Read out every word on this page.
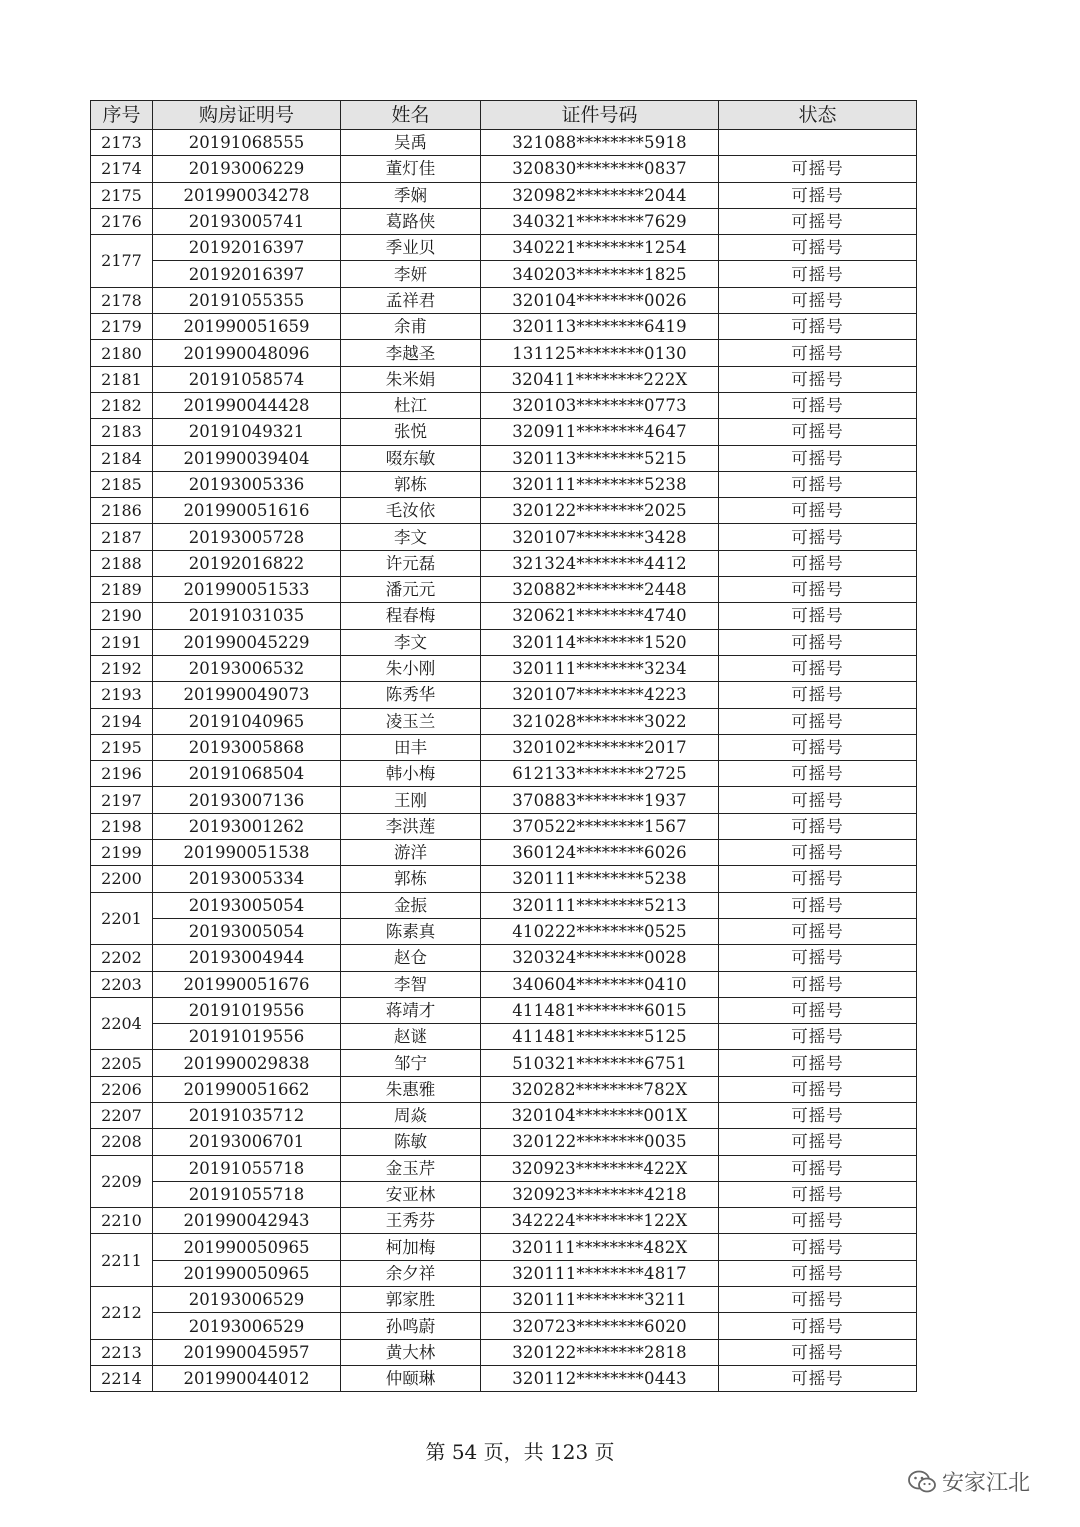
序号	购房证明号	姓名	证件号码	状态
2173	20191068555	吴禹	321088********5918	
2174	20193006229	董灯佳	320830********0837	可摇号
2175	201990034278	季娴	320982********2044	可摇号
2176	20193005741	葛路侠	340321********7629	可摇号
2177	20192016397	季业贝	340221********1254	可摇号
	20192016397	李妍	340203********1825	可摇号
2178	20191055355	孟祥君	320104********0026	可摇号
2179	201990051659	余甫	320113********6419	可摇号
2180	201990048096	李越圣	131125********0130	可摇号
2181	20191058574	朱米娟	320411********222X	可摇号
2182	201990044428	杜江	320103********0773	可摇号
2183	20191049321	张悦	320911********4647	可摇号
2184	201990039404	啜东敏	320113********5215	可摇号
2185	20193005336	郭栋	320111********5238	可摇号
2186	201990051616	毛汝依	320122********2025	可摇号
2187	20193005728	李文	320107********3428	可摇号
2188	20192016822	许元磊	321324********4412	可摇号
2189	201990051533	潘元元	320882********2448	可摇号
2190	20191031035	程春梅	320621********4740	可摇号
2191	201990045229	李文	320114********1520	可摇号
2192	20193006532	朱小刚	320111********3234	可摇号
2193	201990049073	陈秀华	320107********4223	可摇号
2194	20191040965	凌玉兰	321028********3022	可摇号
2195	20193005868	田丰	320102********2017	可摇号
2196	20191068504	韩小梅	612133********2725	可摇号
2197	20193007136	王刚	370883********1937	可摇号
2198	20193001262	李洪莲	370522********1567	可摇号
2199	201990051538	游洋	360124********6026	可摇号
2200	20193005334	郭栋	320111********5238	可摇号
2201	20193005054	金振	320111********5213	可摇号
	20193005054	陈素真	410222********0525	可摇号
2202	20193004944	赵仓	320324********0028	可摇号
2203	201990051676	李智	340604********0410	可摇号
2204	20191019556	蒋靖才	411481********6015	可摇号
	20191019556	赵谜	411481********5125	可摇号
2205	201990029838	邹宁	510321********6751	可摇号
2206	201990051662	朱惠雅	320282********782X	可摇号
2207	20191035712	周焱	320104********001X	可摇号
2208	20193006701	陈敏	320122********0035	可摇号
2209	20191055718	金玉芹	320923********422X	可摇号
	20191055718	安亚林	320923********4218	可摇号
2210	201990042943	王秀芬	342224********122X	可摇号
2211	201990050965	柯加梅	320111********482X	可摇号
	201990050965	余夕祥	320111********4817	可摇号
2212	20193006529	郭家胜	320111********3211	可摇号
	20193006529	孙鸣蔚	320723********6020	可摇号
2213	201990045957	黄大林	320122********2818	可摇号
2214	201990044012	仲颐琳	320112********0443	可摇号
第 54 页，共 123 页
安家江北
